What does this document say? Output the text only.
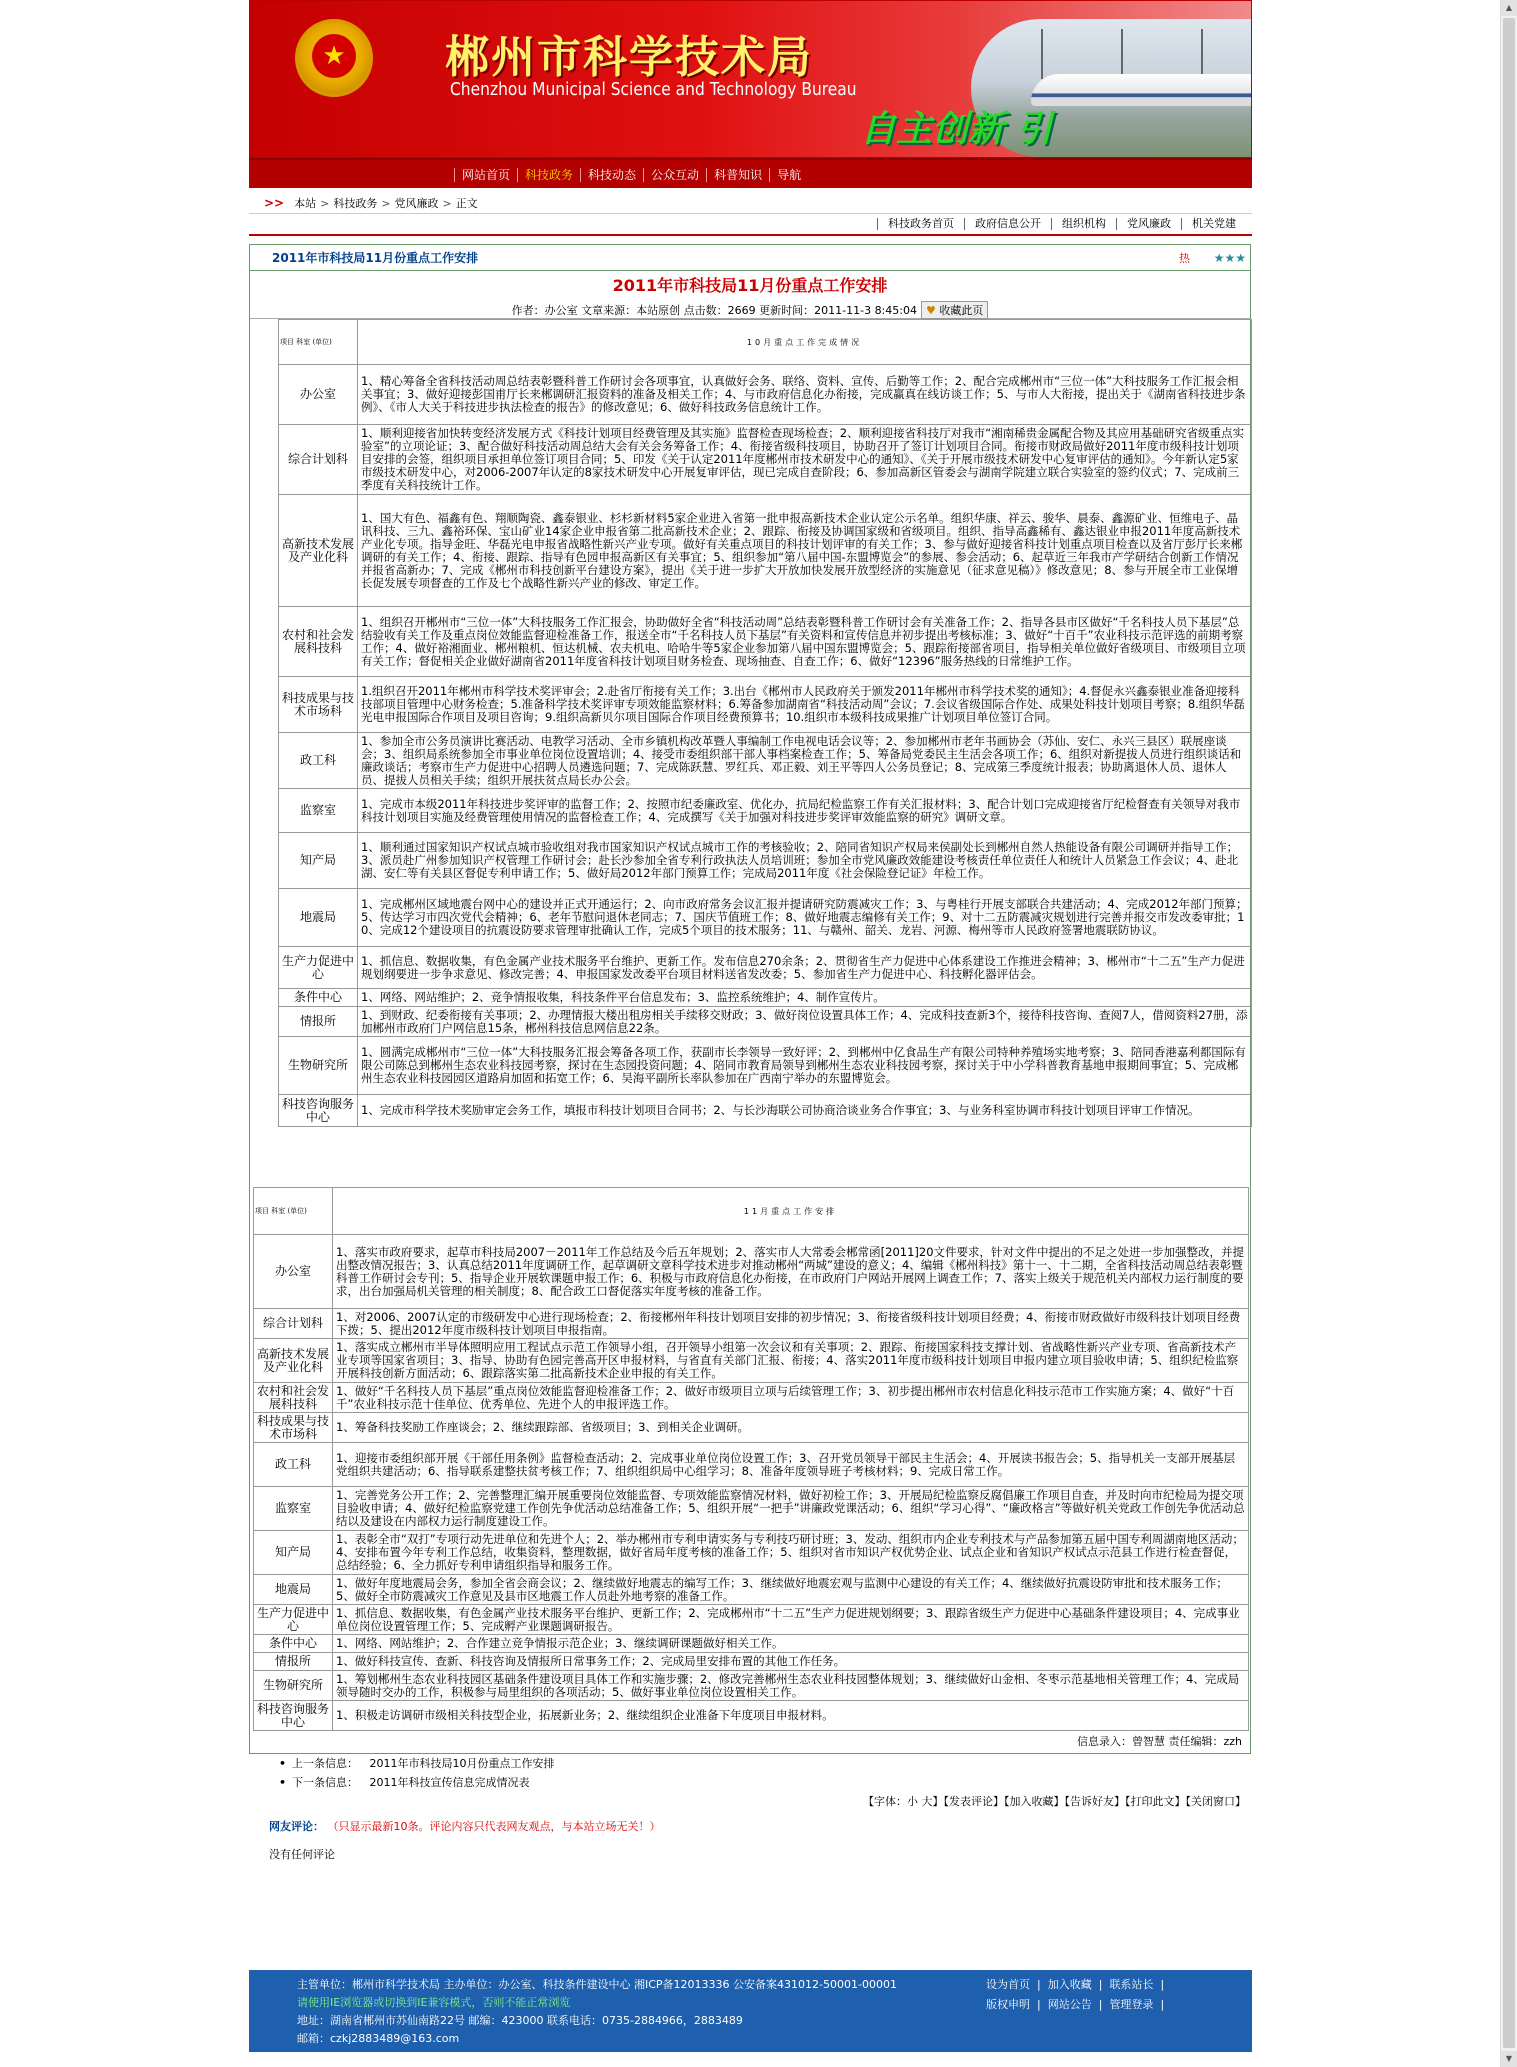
★ 郴州市科学技术局
Chenzhou Municipal Science and Technology Bureau
自主创新 引
网站首页	科技政务	科技动态	公众互动	科普知识	导航
>> 本站 > 科技政务 > 党风廉政 > 正文
科技政务首页	政府信息公开	组织机构	党风廉政	机关党建
2011年市科技局11月份重点工作安排	热 ★★★
2011年市科技局11月份重点工作安排
作者：办公室 文章来源：本站原创 点击数：2669 更新时间：2011-11-3 8:45:04 ♥ 收藏此页
项目 科室 (单位)	10月重点工作完成情况
办公室	1、精心筹备全省科技活动周总结表彰暨科普工作研讨会各项事宜，认真做好会务、联络、资料、宣传、后勤等工作；2、配合完成郴州市“三位一体”大科技服务工作汇报会相关事宜；3、做好迎接彭国甫厅长来郴调研汇报资料的准备及相关工作；4、与市政府信息化办衔接，完成赢真在线访谈工作；5、与市人大衔接，提出关于《湖南省科技进步条例》、《市人大关于科技进步执法检查的报告》的修改意见；6、做好科技政务信息统计工作。
综合计划科	1、顺利迎接省加快转变经济发展方式《科技计划项目经费管理及其实施》监督检查现场检查；2、顺利迎接省科技厅对我市“湘南稀贵金属配合物及其应用基础研究省级重点实验室”的立项论证；3、配合做好科技活动周总结大会有关会务筹备工作；4、衔接省级科技项目，协助召开了签订计划项目合同。衔接市财政局做好2011年度市级科技计划项目安排的会签，组织项目承担单位签订项目合同；5、印发《关于认定2011年度郴州市技术研发中心的通知》、《关于开展市级技术研发中心复审评估的通知》。今年新认定5家市级技术研发中心，对2006-2007年认定的8家技术研发中心开展复审评估，现已完成自查阶段；6、参加高新区管委会与湖南学院建立联合实验室的签约仪式；7、完成前三季度有关科技统计工作。
高新技术发展及产业化科	1、国大有色、福鑫有色、翔顺陶瓷、鑫泰银业、杉杉新材料5家企业进入省第一批申报高新技术企业认定公示名单。组织华康、祥云、骏华、晨泰、鑫源矿业、恒维电子、晶讯科技、三九、鑫裕环保、宝山矿业14家企业申报省第二批高新技术企业；2、跟踪、衔接及协调国家级和省级项目。组织、指导高鑫稀有、鑫达银业申报2011年度高新技术产业化专项。指导金旺、华磊光电申报省战略性新兴产业专项。做好有关重点项目的科技计划评审的有关工作；3、参与做好迎接省科技计划重点项目检查以及省厅彭厅长来郴调研的有关工作；4、衔接、跟踪、指导有色园申报高新区有关事宜；5、组织参加“第八届中国-东盟博览会”的参展、参会活动；6、起草近三年我市产学研结合创新工作情况并报省高新办；7、完成《郴州市科技创新平台建设方案》，提出《关于进一步扩大开放加快发展开放型经济的实施意见（征求意见稿）》修改意见；8、参与开展全市工业保增长促发展专项督查的工作及七个战略性新兴产业的修改、审定工作。
农村和社会发展科技科	1、组织召开郴州市“三位一体”大科技服务工作汇报会，协助做好全省“科技活动周”总结表彰暨科普工作研讨会有关准备工作；2、指导各县市区做好“千名科技人员下基层”总结验收有关工作及重点岗位效能监督迎检准备工作，报送全市“千名科技人员下基层”有关资料和宣传信息并初步提出考核标准；3、做好“十百千”农业科技示范评选的前期考察工作；4、做好裕湘面业、郴州粮机、恒达机械、农夫机电、哈哈牛等5家企业参加第八届中国东盟博览会；5、跟踪衔接部省项目，指导相关单位做好省级项目、市级项目立项有关工作；督促相关企业做好湖南省2011年度省科技计划项目财务检查、现场抽查、自查工作；6、做好“12396”服务热线的日常维护工作。
科技成果与技术市场科	1.组织召开2011年郴州市科学技术奖评审会；2.赴省厅衔接有关工作；3.出台《郴州市人民政府关于颁发2011年郴州市科学技术奖的通知》；4.督促永兴鑫泰银业准备迎接科技部项目管理中心财务检查；5.准备科学技术奖评审专项效能监察材料；6.筹备参加湖南省“科技活动周”会议；7.会议省级国际合作处、成果处科技计划项目考察；8.组织华磊光电申报国际合作项目及项目咨询；9.组织高新贝尔项目国际合作项目经费预算书；10.组织市本级科技成果推广计划项目单位签订合同。
政工科	1、参加全市公务员演讲比赛活动、电教学习活动、全市乡镇机构改革暨人事编制工作电视电话会议等；2、参加郴州市老年书画协会（苏仙、安仁、永兴三县区）联展座谈会；3、组织局系统参加全市事业单位岗位设置培训；4、接受市委组织部干部人事档案检查工作；5、筹备局党委民主生活会各项工作；6、组织对新提拔人员进行组织谈话和廉政谈话；考察市生产力促进中心招聘人员遴选问题；7、完成陈跃慧、罗红兵、邓正毅、刘王平等四人公务员登记；8、完成第三季度统计报表；协助离退休人员、退休人员、提拔人员相关手续；组织开展扶贫点局长办公会。
监察室	1、完成市本级2011年科技进步奖评审的监督工作；2、按照市纪委廉政室、优化办，抗局纪检监察工作有关汇报材料；3、配合计划口完成迎接省厅纪检督查有关领导对我市科技计划项目实施及经费管理使用情况的监督检查工作；4、完成撰写《关于加强对科技进步奖评审效能监察的研究》调研文章。
知产局	1、顺利通过国家知识产权试点城市验收组对我市国家知识产权试点城市工作的考核验收；2、陪同省知识产权局来侯副处长到郴州自然人热能设备有限公司调研并指导工作；3、派员赴广州参加知识产权管理工作研讨会；赴长沙参加全省专利行政执法人员培训班；参加全市党风廉政效能建设考核责任单位责任人和统计人员紧急工作会议；4、赴北湖、安仁等有关县区督促专利申请工作；5、做好局2012年部门预算工作；完成局2011年度《社会保险登记证》年检工作。
地震局	1、完成郴州区域地震台网中心的建设并正式开通运行；2、向市政府常务会议汇报并提请研究防震减灾工作；3、与粤桂行开展支部联合共建活动；4、完成2012年部门预算；5、传达学习市四次党代会精神；6、老年节慰问退休老同志；7、国庆节值班工作；8、做好地震志编修有关工作；9、对十二五防震减灾规划进行完善并报交市发改委审批；10、完成12个建设项目的抗震设防要求管理审批确认工作，完成5个项目的技术服务；11、与赣州、韶关、龙岩、河源、梅州等市人民政府签署地震联防协议。
生产力促进中心	1、抓信息、数据收集，有色金属产业技术服务平台维护、更新工作。发布信息270余条；2、贯彻省生产力促进中心体系建设工作推进会精神；3、郴州市“十二五”生产力促进规划纲要进一步争求意见、修改完善；4、申报国家发改委平台项目材料送省发改委；5、参加省生产力促进中心、科技孵化器评估会。
条件中心	1、网络、网站维护；2、竞争情报收集，科技条件平台信息发布；3、监控系统维护；4、制作宣传片。
情报所	1、到财政、纪委衔接有关事项；2、办理情报大楼出租房相关手续移交财政；3、做好岗位设置具体工作；4、完成科技查新3个，接待科技咨询、查阅7人，借阅资料27册，添加郴州市政府门户网信息15条，郴州科技信息网信息22条。
生物研究所	1、圆满完成郴州市“三位一体”大科技服务汇报会筹备各项工作，获副市长李领导一致好评；2、到郴州中亿食品生产有限公司特种养殖场实地考察；3、陪同香港嘉利都国际有限公司陈总到郴州生态农业科技园考察，探讨在生态园投资问题；4、陪同市教育局领导到郴州生态农业科技园考察，探讨关于中小学科普教育基地申报期间事宜；5、完成郴州生态农业科技园园区道路肩加固和拓宽工作；6、吴海平副所长率队参加在广西南宁举办的东盟博览会。
科技咨询服务中心	1、完成市科学技术奖励审定会务工作，填报市科技计划项目合同书；2、与长沙海联公司协商洽谈业务合作事宜；3、与业务科室协调市科技计划项目评审工作情况。
项目 科室 (单位)	11月重点工作安排
办公室	1、落实市政府要求，起草市科技局2007－2011年工作总结及今后五年规划；2、落实市人大常委会郴常函[2011]20文件要求，针对文件中提出的不足之处进一步加强整改，并提出整改情况报告；3、认真总结2011年度调研工作，起草调研文章科学技术进步对推动郴州“两城”建设的意义；4、编辑《郴州科技》第十一、十二期，全省科技活动周总结表彰暨科普工作研讨会专刊；5、指导企业开展软课题申报工作；6、积极与市政府信息化办衔接，在市政府门户网站开展网上调查工作；7、落实上级关于规范机关内部权力运行制度的要求，出台加强局机关管理的相关制度；8、配合政工口督促落实年度考核的准备工作。
综合计划科	1、对2006、2007认定的市级研发中心进行现场检查；2、衔接郴州年科技计划项目安排的初步情况；3、衔接省级科技计划项目经费；4、衔接市财政做好市级科技计划项目经费下拨；5、提出2012年度市级科技计划项目申报指南。
高新技术发展及产业化科	1、落实成立郴州市半导体照明应用工程试点示范工作领导小组，召开领导小组第一次会议和有关事项；2、跟踪、衔接国家科技支撑计划、省战略性新兴产业专项、省高新技术产业专项等国家省项目；3、指导、协助有色园完善高开区申报材料，与省直有关部门汇报、衔接；4、落实2011年度市级科技计划项目申报内建立项目验收申请；5、组织纪检监察开展科技创新方面活动；6、跟踪落实第二批高新技术企业申报的有关工作。
农村和社会发展科技科	1、做好“千名科技人员下基层”重点岗位效能监督迎检准备工作；2、做好市级项目立项与后续管理工作；3、初步提出郴州市农村信息化科技示范市工作实施方案；4、做好“十百千”农业科技示范十佳单位、优秀单位、先进个人的申报评选工作。
科技成果与技术市场科	1、筹备科技奖励工作座谈会；2、继续跟踪部、省级项目；3、到相关企业调研。
政工科	1、迎接市委组织部开展《干部任用条例》监督检查活动；2、完成事业单位岗位设置工作；3、召开党员领导干部民主生活会；4、开展读书报告会；5、指导机关一支部开展基层党组织共建活动；6、指导联系建整扶贫考核工作；7、组织组织局中心组学习；8、准备年度领导班子考核材料；9、完成日常工作。
监察室	1、完善党务公开工作；2、完善整理汇编开展重要岗位效能监督、专项效能监察情况材料，做好初检工作；3、开展局纪检监察反腐倡廉工作项目自查，并及时向市纪检局为提交项目验收申请；4、做好纪检监察党建工作创先争优活动总结准备工作；5、组织开展“一把手”讲廉政党课活动；6、组织“学习心得”、“廉政格言”等做好机关党政工作创先争优活动总结以及建设在内部权力运行制度建设工作。
知产局	1、表彰全市“双打”专项行动先进单位和先进个人；2、举办郴州市专利申请实务与专利技巧研讨班；3、发动、组织市内企业专利技术与产品参加第五届中国专利周湖南地区活动；4、安排布置今年专利工作总结，收集资料，整理数据，做好省局年度考核的准备工作；5、组织对省市知识产权优势企业、试点企业和省知识产权试点示范县工作进行检查督促，总结经验；6、全力抓好专利申请组织指导和服务工作。
地震局	1、做好年度地震局会务，参加全省会商会议；2、继续做好地震志的编写工作；3、继续做好地震宏观与监测中心建设的有关工作；4、继续做好抗震设防审批和技术服务工作；5、做好全市防震减灾工作意见及县市区地震工作人员赴外地考察的准备工作。
生产力促进中心	1、抓信息、数据收集，有色金属产业技术服务平台维护、更新工作；2、完成郴州市“十二五”生产力促进规划纲要；3、跟踪省级生产力促进中心基础条件建设项目；4、完成事业单位岗位设置管理工作；5、完成孵产业课题调研报告。
条件中心	1、网络、网站维护；2、合作建立竞争情报示范企业；3、继续调研课题做好相关工作。
情报所	1、做好科技宣传、查新、科技咨询及情报所日常事务工作；2、完成局里安排布置的其他工作任务。
生物研究所	1、筹划郴州生态农业科技园区基础条件建设项目具体工作和实施步骤；2、修改完善郴州生态农业科技园整体规划；3、继续做好山金相、冬枣示范基地相关管理工作；4、完成局领导随时交办的工作，积极参与局里组织的各项活动；5、做好事业单位岗位设置相关工作。
科技咨询服务中心	1、积极走访调研市级相关科技型企业，拓展新业务；2、继续组织企业准备下年度项目申报材料。
信息录入：曾智慧 责任编辑：zzh
• 上一条信息： 2011年市科技局10月份重点工作安排
• 下一条信息： 2011年科技宣传信息完成情况表
【字体：小 大】【发表评论】【加入收藏】【告诉好友】【打印此文】【关闭窗口】
网友评论： （只显示最新10条。评论内容只代表网友观点，与本站立场无关！）
没有任何评论
主管单位：郴州市科学技术局 主办单位：办公室、科技条件建设中心 湘ICP备12013336 公安备案431012-50001-00001
请使用IE浏览器或切换到IE兼容模式，否则不能正常浏览
地址：湖南省郴州市苏仙南路22号 邮编：423000 联系电话：0735-2884966，2883489
邮箱：czkj2883489@163.com
设为首页 | 加入收藏 | 联系站长 |
版权申明 | 网站公告 | 管理登录 |
▲
▼
